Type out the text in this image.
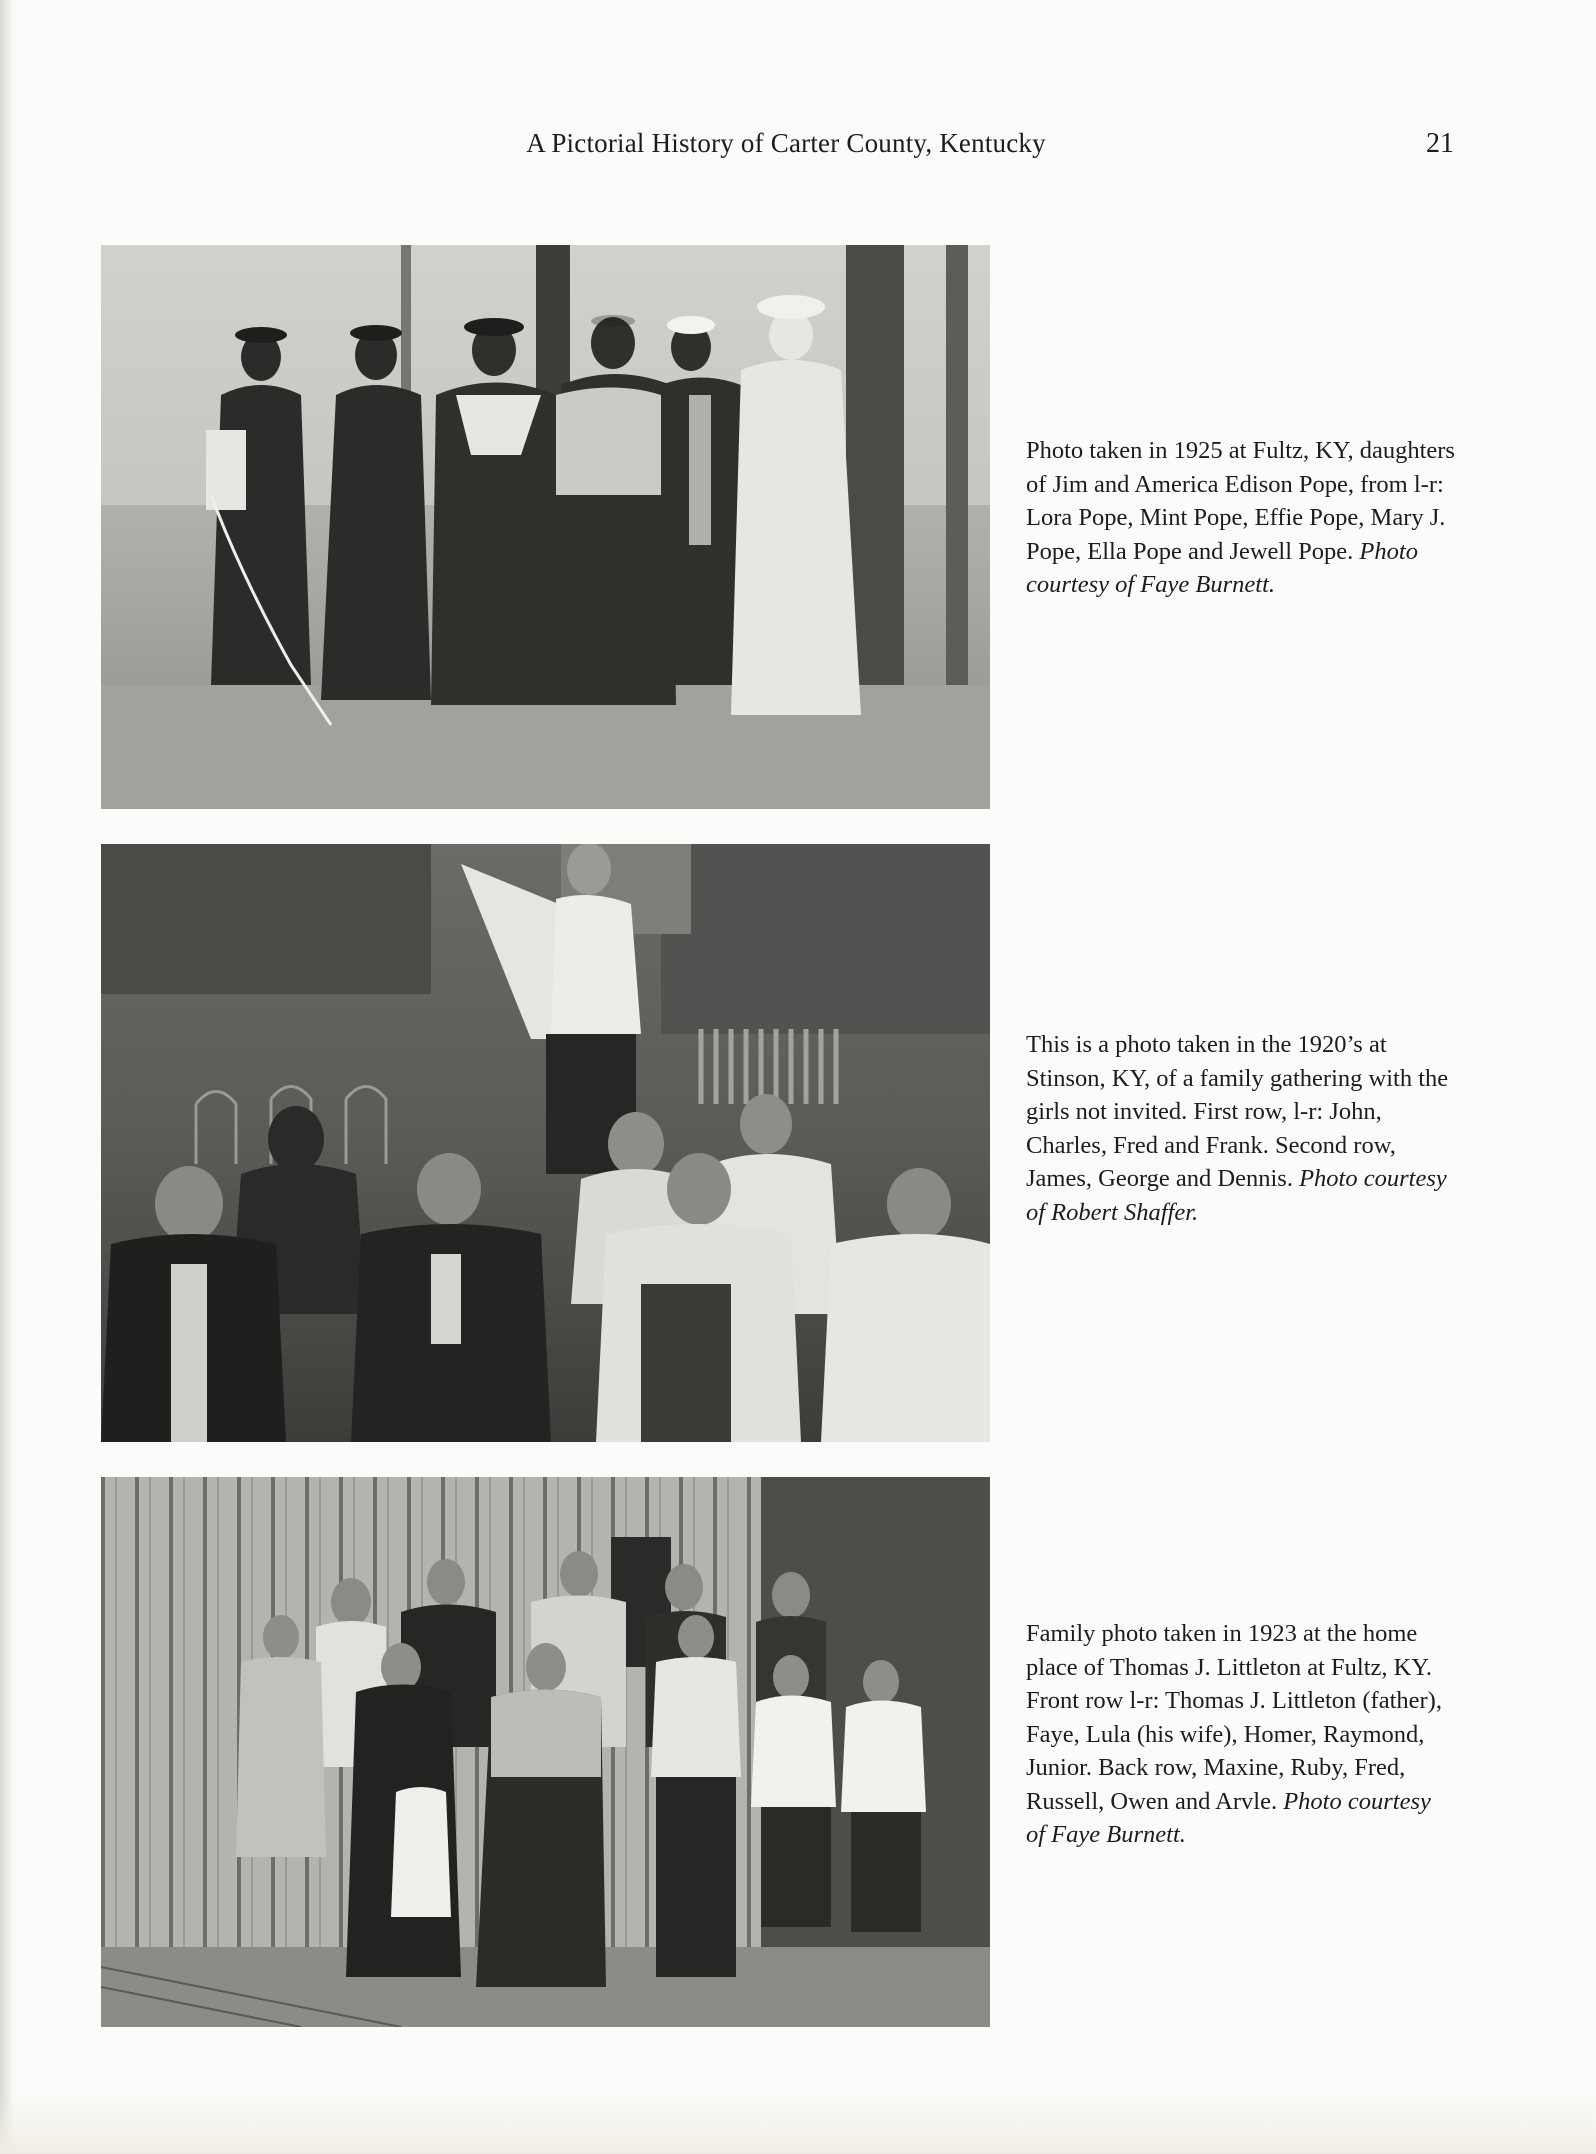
A Pictorial History of Carter County, Kentucky	21
Photo taken in 1925 at Fultz, KY, daughters of Jim and America Edison Pope, from l-r: Lora Pope, Mint Pope, Effie Pope, Mary J. Pope, Ella Pope and Jewell Pope. Photo courtesy of Faye Burnett.
This is a photo taken in the 1920’s at Stinson, KY, of a family gathering with the girls not invited. First row, l-r: John, Charles, Fred and Frank. Second row, James, George and Dennis. Photo courtesy of Robert Shaffer.
Family photo taken in 1923 at the home place of Thomas J. Littleton at Fultz, KY. Front row l-r: Thomas J. Littleton (father), Faye, Lula (his wife), Homer, Raymond, Junior. Back row, Maxine, Ruby, Fred, Russell, Owen and Arvle. Photo courtesy of Faye Burnett.
